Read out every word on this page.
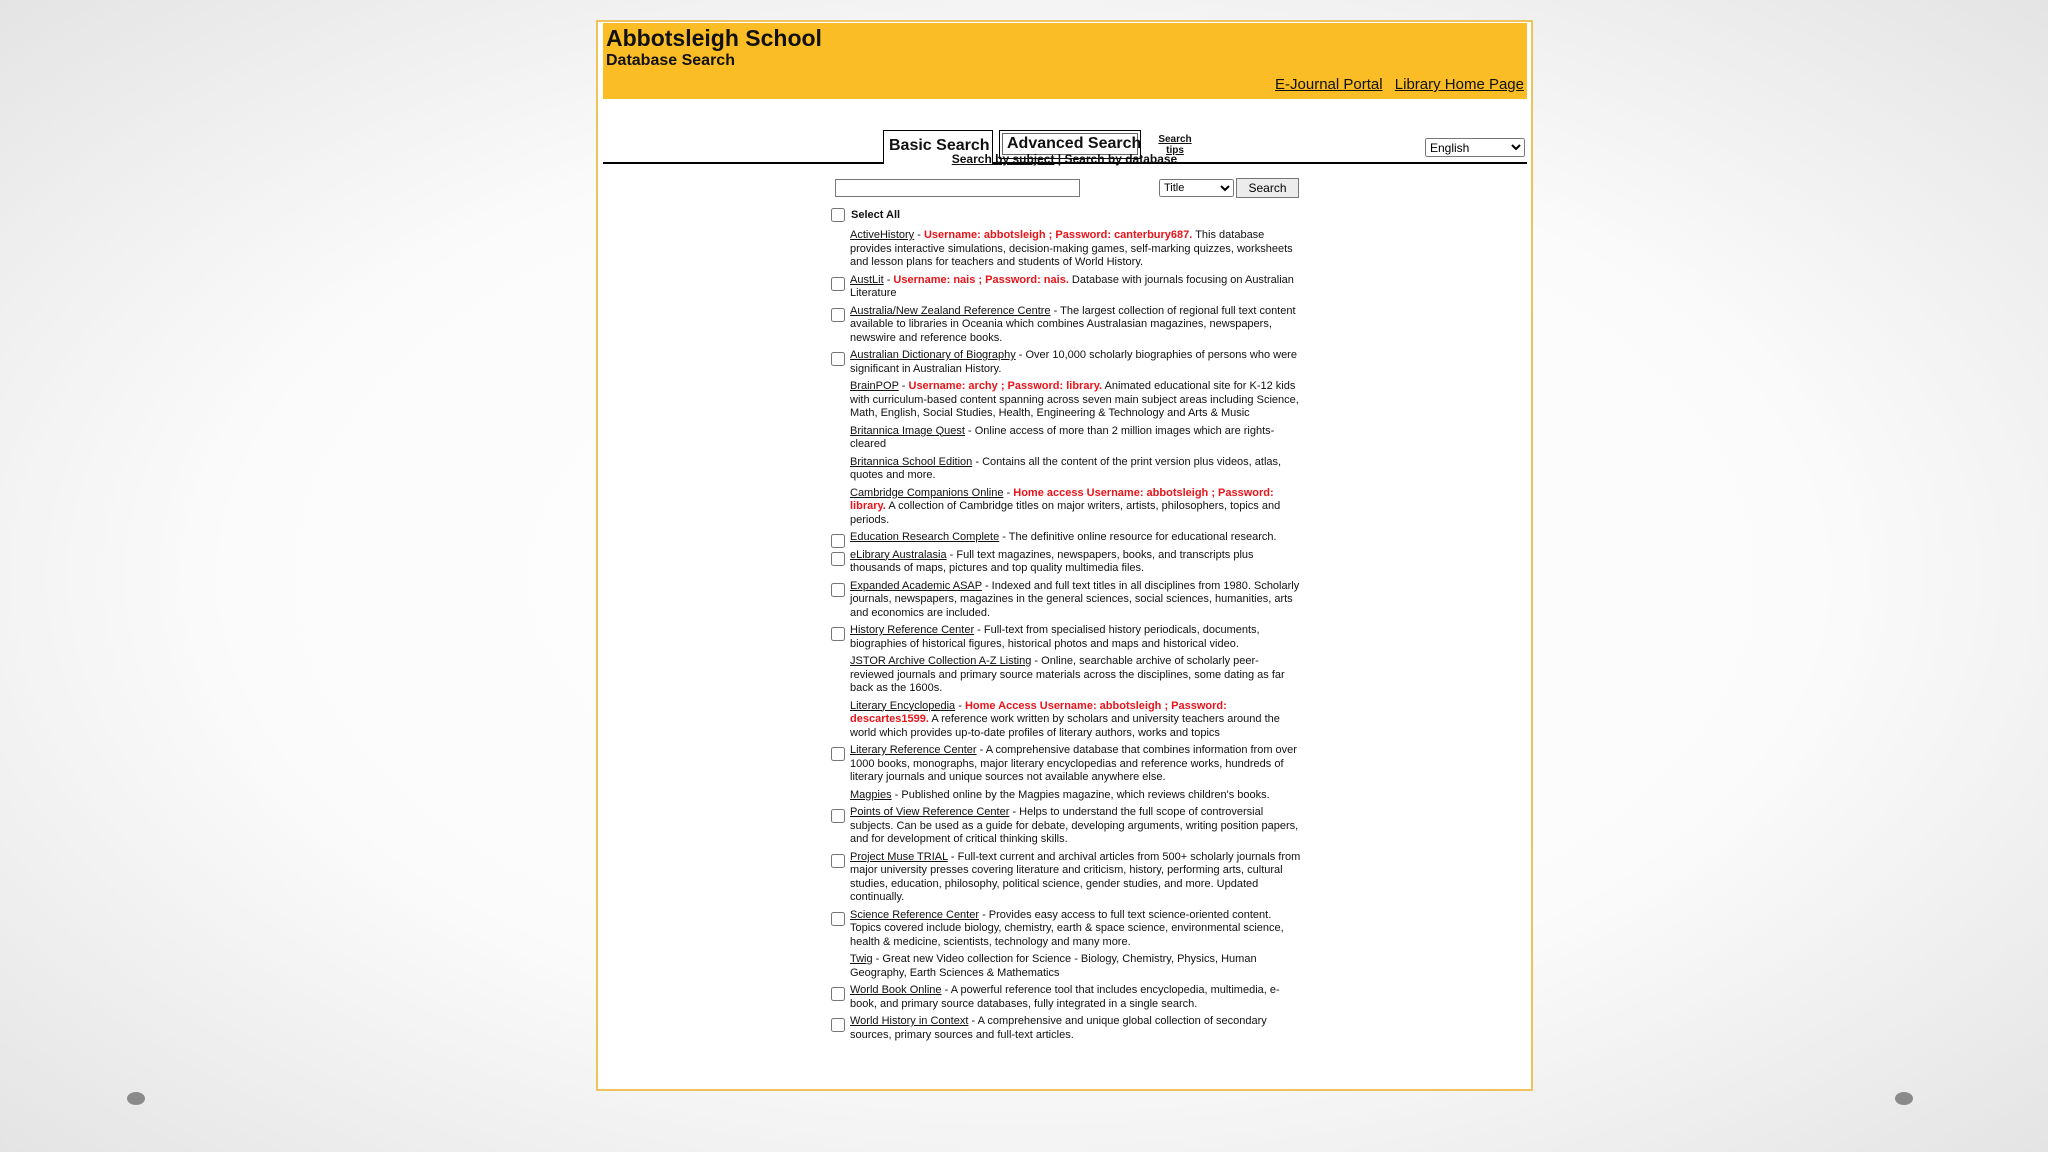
Abbotsleigh School
Database Search
E-Journal Portal Library Home Page
Basic Search	Advanced Search	Search tips
English
Search by subject | Search by database
Title
Search
Select All
ActiveHistory - Username: abbotsleigh ; Password: canterbury687. This database provides interactive simulations, decision-making games, self-marking quizzes, worksheets and lesson plans for teachers and students of World History.
AustLit - Username: nais ; Password: nais. Database with journals focusing on Australian Literature
Australia/New Zealand Reference Centre - The largest collection of regional full text content available to libraries in Oceania which combines Australasian magazines, newspapers, newswire and reference books.
Australian Dictionary of Biography - Over 10,000 scholarly biographies of persons who were significant in Australian History.
BrainPOP - Username: archy ; Password: library. Animated educational site for K-12 kids with curriculum-based content spanning across seven main subject areas including Science, Math, English, Social Studies, Health, Engineering & Technology and Arts & Music
Britannica Image Quest - Online access of more than 2 million images which are rights-cleared
Britannica School Edition - Contains all the content of the print version plus videos, atlas, quotes and more.
Cambridge Companions Online - Home access Username: abbotsleigh ; Password: library. A collection of Cambridge titles on major writers, artists, philosophers, topics and periods.
Education Research Complete - The definitive online resource for educational research.
eLibrary Australasia - Full text magazines, newspapers, books, and transcripts plus thousands of maps, pictures and top quality multimedia files.
Expanded Academic ASAP - Indexed and full text titles in all disciplines from 1980. Scholarly journals, newspapers, magazines in the general sciences, social sciences, humanities, arts and economics are included.
History Reference Center - Full-text from specialised history periodicals, documents, biographies of historical figures, historical photos and maps and historical video.
JSTOR Archive Collection A-Z Listing - Online, searchable archive of scholarly peer-reviewed journals and primary source materials across the disciplines, some dating as far back as the 1600s.
Literary Encyclopedia - Home Access Username: abbotsleigh ; Password: descartes1599. A reference work written by scholars and university teachers around the world which provides up-to-date profiles of literary authors, works and topics
Literary Reference Center - A comprehensive database that combines information from over 1000 books, monographs, major literary encyclopedias and reference works, hundreds of literary journals and unique sources not available anywhere else.
Magpies - Published online by the Magpies magazine, which reviews children's books.
Points of View Reference Center - Helps to understand the full scope of controversial subjects. Can be used as a guide for debate, developing arguments, writing position papers, and for development of critical thinking skills.
Project Muse TRIAL - Full-text current and archival articles from 500+ scholarly journals from major university presses covering literature and criticism, history, performing arts, cultural studies, education, philosophy, political science, gender studies, and more. Updated continually.
Science Reference Center - Provides easy access to full text science-oriented content. Topics covered include biology, chemistry, earth & space science, environmental science, health & medicine, scientists, technology and many more.
Twig - Great new Video collection for Science - Biology, Chemistry, Physics, Human Geography, Earth Sciences & Mathematics
World Book Online - A powerful reference tool that includes encyclopedia, multimedia, e-book, and primary source databases, fully integrated in a single search.
World History in Context - A comprehensive and unique global collection of secondary sources, primary sources and full-text articles.
